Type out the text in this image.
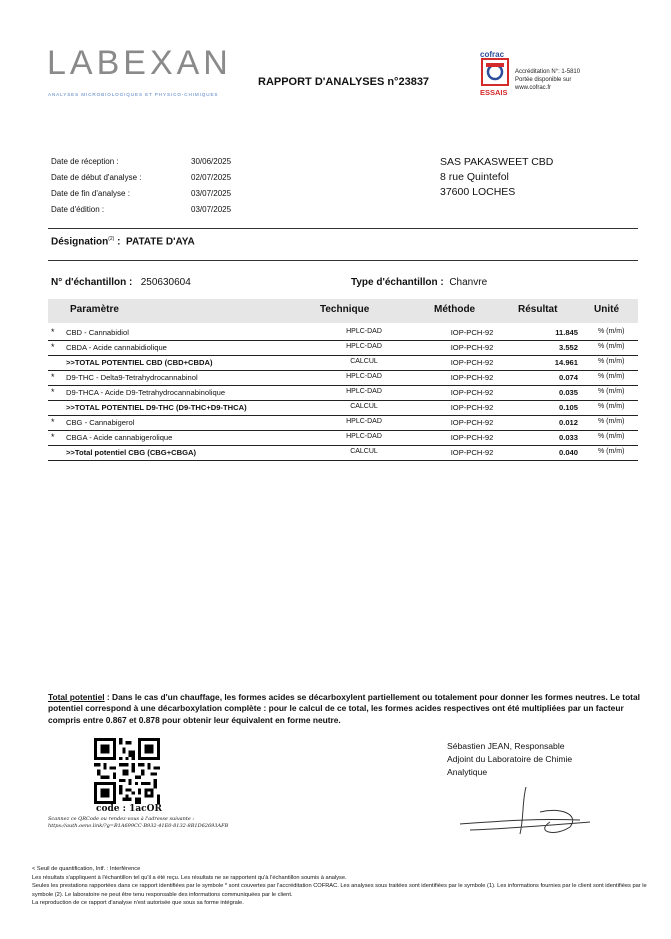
LABEXAN
ANALYSES MICROBIOLOGIQUES ET PHYSICO-CHIMIQUES
RAPPORT D'ANALYSES n°23837
cofrac
ESSAIS
Accréditation N°: 1-5810
Portée disponible sur
www.cofrac.fr
Date de réception :	30/06/2025
Date de début d'analyse :	02/07/2025
Date de fin d'analyse :	03/07/2025
Date d'édition :	03/07/2025
SAS PAKASWEET CBD
8 rue Quintefol
37600 LOCHES
Désignation$^{(2)}$ :  PATATE D'AYA
N° d'échantillon : 250630604	Type d'échantillon : Chanvre
Paramètre	Technique	Méthode	Résultat	Unité
* CBD - Cannabidiol	HPLC-DAD	IOP-PCH-92	11.845	% (m/m)
* CBDA - Acide cannabidiolique	HPLC-DAD	IOP-PCH-92	3.552	% (m/m)
>>TOTAL POTENTIEL CBD (CBD+CBDA)	CALCUL	IOP-PCH-92	14.961	% (m/m)
* D9-THC - Delta9-Tetrahydrocannabinol	HPLC-DAD	IOP-PCH-92	0.074	% (m/m)
* D9-THCA - Acide D9-Tetrahydrocannabinolique	HPLC-DAD	IOP-PCH-92	0.035	% (m/m)
>>TOTAL POTENTIEL D9-THC (D9-THC+D9-THCA)	CALCUL	IOP-PCH-92	0.105	% (m/m)
* CBG - Cannabigerol	HPLC-DAD	IOP-PCH-92	0.012	% (m/m)
* CBGA - Acide cannabigerolique	HPLC-DAD	IOP-PCH-92	0.033	% (m/m)
>>Total potentiel CBG (CBG+CBGA)	CALCUL	IOP-PCH-92	0.040	% (m/m)
Total potentiel : Dans le cas d'un chauffage, les formes acides se décarboxylent partiellement ou totalement pour donner les formes neutres. Le total potentiel correspond à une décarboxylation complète : pour le calcul de ce total, les formes acides respectives ont été multipliées par un facteur compris entre 0.867 et 0.878 pour obtenir leur équivalent en forme neutre.
code : 1acOR
Scannez ce QRCode ou rendez-vous à l'adresse suivante :
https://auth.oeno.link/?g=B1A699CC-B932-41E0-8132-8B1D62693AFB
Sébastien JEAN, Responsable
Adjoint du Laboratoire de Chimie
Analytique
< Seuil de quantification, Intf. : Interférence
Les résultats s'appliquent à l'échantillon tel qu'il a été reçu. Les résultats ne se rapportent qu'à l'échantillon soumis à analyse.
Seules les prestations rapportées dans ce rapport identifiées par le symbole * sont couvertes par l'accréditation COFRAC. Les analyses sous traitées sont identifiées par le symbole (1). Les informations fournies par le client sont identifiées par le symbole (2). Le laboratoire ne peut être tenu responsable des informations communiquées par le client.
La reproduction de ce rapport d'analyse n'est autorisée que sous sa forme intégrale.
